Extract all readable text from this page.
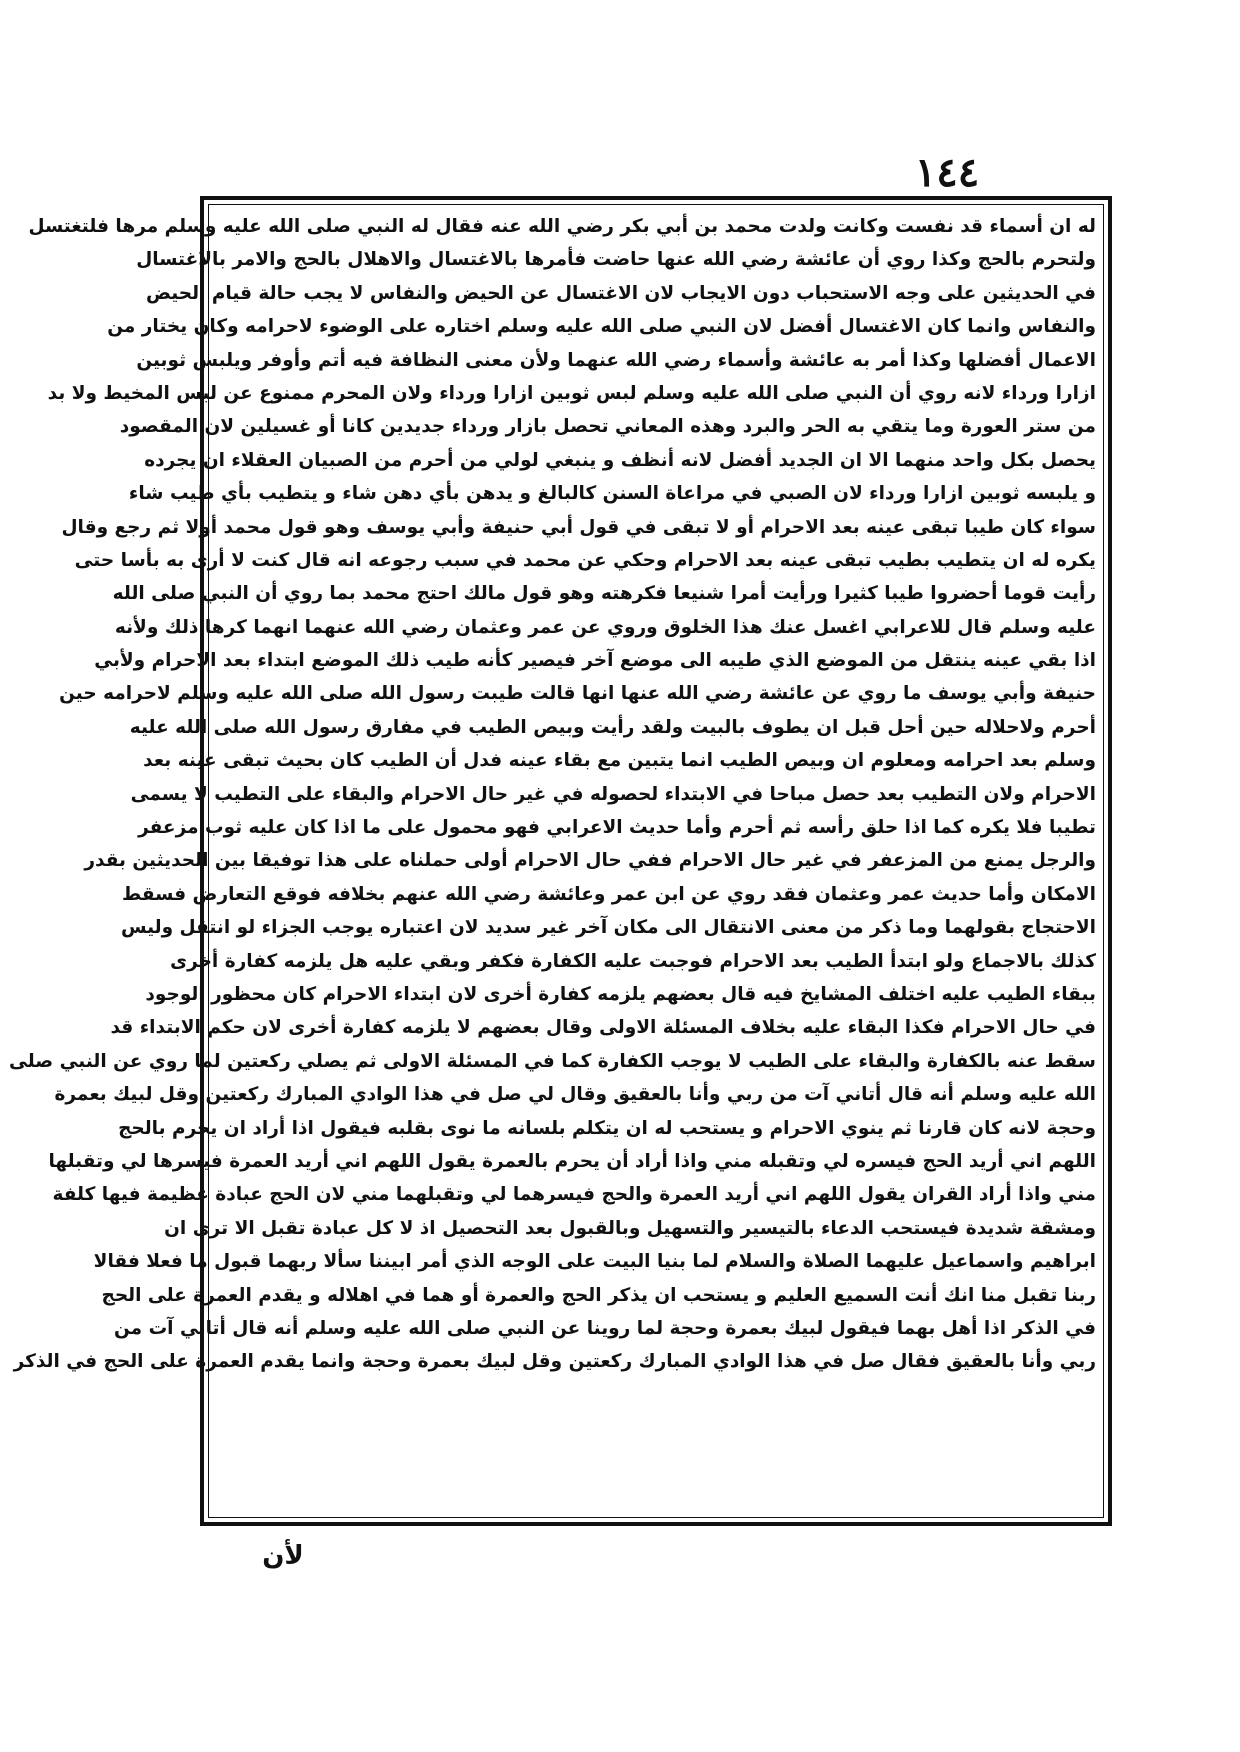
١٤٤
له ان أسماء قد نفست وكانت ولدت محمد بن أبي بكر رضي الله عنه فقال له النبي صلى الله عليه وسلم مرها فلتغتسل
ولتحرم بالحج وكذا روي أن عائشة رضي الله عنها حاضت فأمرها بالاغتسال والاهلال بالحج والامر بالاغتسال
في الحديثين على وجه الاستحباب دون الايجاب لان الاغتسال عن الحيض والنفاس لا يجب حالة قيام الحيض
والنفاس وانما كان الاغتسال أفضل لان النبي صلى الله عليه وسلم اختاره على الوضوء لاحرامه وكان يختار من
الاعمال أفضلها وكذا أمر به عائشة وأسماء رضي الله عنهما ولأن معنى النظافة فيه أتم وأوفر ويلبس ثوبين
ازارا ورداء لانه روي أن النبي صلى الله عليه وسلم لبس ثوبين ازارا ورداء ولان المحرم ممنوع عن لبس المخيط ولا بد
من ستر العورة وما يتقي به الحر والبرد وهذه المعاني تحصل بازار ورداء جديدين كانا أو غسيلين لان المقصود
يحصل بكل واحد منهما الا ان الجديد أفضل لانه أنظف و ينبغي لولي من أحرم من الصبيان العقلاء ان يجرده
و يلبسه ثوبين ازارا ورداء لان الصبي في مراعاة السنن كالبالغ و يدهن بأي دهن شاء و يتطيب بأي طيب شاء
سواء كان طيبا تبقى عينه بعد الاحرام أو لا تبقى في قول أبي حنيفة وأبي يوسف وهو قول محمد أولا ثم رجع وقال
يكره له ان يتطيب بطيب تبقى عينه بعد الاحرام وحكي عن محمد في سبب رجوعه انه قال كنت لا أرى به بأسا حتى
رأيت قوما أحضروا طيبا كثيرا ورأيت أمرا شنيعا فكرهته وهو قول مالك احتج محمد بما روي أن النبي صلى الله
عليه وسلم قال للاعرابي اغسل عنك هذا الخلوق وروي عن عمر وعثمان رضي الله عنهما انهما كرها ذلك ولأنه
اذا بقي عينه ينتقل من الموضع الذي طيبه الى موضع آخر فيصير كأنه طيب ذلك الموضع ابتداء بعد الاحرام ولأبي
حنيفة وأبي يوسف ما روي عن عائشة رضي الله عنها انها قالت طيبت رسول الله صلى الله عليه وسلم لاحرامه حين
أحرم ولاحلاله حين أحل قبل ان يطوف بالبيت ولقد رأيت وبيص الطيب في مفارق رسول الله صلى الله عليه
وسلم بعد احرامه ومعلوم ان وبيص الطيب انما يتبين مع بقاء عينه فدل أن الطيب كان بحيث تبقى عينه بعد
الاحرام ولان التطيب بعد حصل مباحا في الابتداء لحصوله في غير حال الاحرام والبقاء على التطيب لا يسمى
تطيبا فلا يكره كما اذا حلق رأسه ثم أحرم وأما حديث الاعرابي فهو محمول على ما اذا كان عليه ثوب مزعفر
والرجل يمنع من المزعفر في غير حال الاحرام ففي حال الاحرام أولى حملناه على هذا توفيقا بين الحديثين بقدر
الامكان وأما حديث عمر وعثمان فقد روي عن ابن عمر وعائشة رضي الله عنهم بخلافه فوقع التعارض فسقط
الاحتجاج بقولهما وما ذكر من معنى الانتقال الى مكان آخر غير سديد لان اعتباره يوجب الجزاء لو انتقل وليس
كذلك بالاجماع ولو ابتدأ الطيب بعد الاحرام فوجبت عليه الكفارة فكفر وبقي عليه هل يلزمه كفارة أخرى
ببقاء الطيب عليه اختلف المشايخ فيه قال بعضهم يلزمه كفارة أخرى لان ابتداء الاحرام كان محظور الوجود
في حال الاحرام فكذا البقاء عليه بخلاف المسئلة الاولى وقال بعضهم لا يلزمه كفارة أخرى لان حكم الابتداء قد
سقط عنه بالكفارة والبقاء على الطيب لا يوجب الكفارة كما في المسئلة الاولى ثم يصلي ركعتين لما روي عن النبي صلى
الله عليه وسلم أنه قال أتاني آت من ربي وأنا بالعقيق وقال لي صل في هذا الوادي المبارك ركعتين وقل لبيك بعمرة
وحجة لانه كان قارنا ثم ينوي الاحرام و يستحب له ان يتكلم بلسانه ما نوى بقلبه فيقول اذا أراد ان يحرم بالحج
اللهم اني أريد الحج فيسره لي وتقبله مني واذا أراد أن يحرم بالعمرة يقول اللهم اني أريد العمرة فيسرها لي وتقبلها
مني واذا أراد القران يقول اللهم اني أريد العمرة والحج فيسرهما لي وتقبلهما مني لان الحج عبادة عظيمة فيها كلفة
ومشقة شديدة فيستحب الدعاء بالتيسير والتسهيل وبالقبول بعد التحصيل اذ لا كل عبادة تقبل الا ترى ان
ابراهيم واسماعيل عليهما الصلاة والسلام لما بنيا البيت على الوجه الذي أمر ابيننا سألا ربهما قبول ما فعلا فقالا
ربنا تقبل منا انك أنت السميع العليم و يستحب ان يذكر الحج والعمرة أو هما في اهلاله و يقدم العمرة على الحج
في الذكر اذا أهل بهما فيقول لبيك بعمرة وحجة لما روينا عن النبي صلى الله عليه وسلم أنه قال أتاني آت من
ربي وأنا بالعقيق فقال صل في هذا الوادي المبارك ركعتين وقل لبيك بعمرة وحجة وانما يقدم العمرة على الحج في الذكر
لأن
